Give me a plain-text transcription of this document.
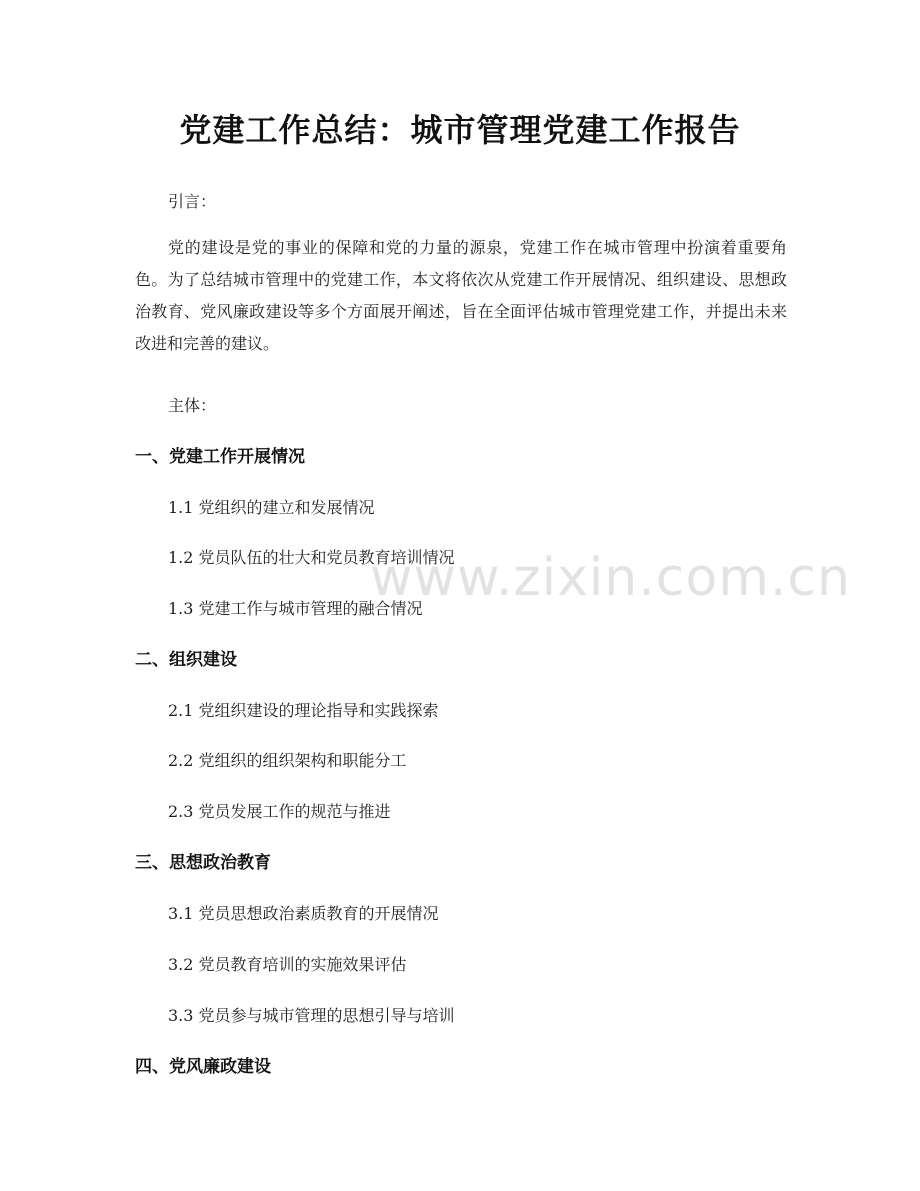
党建工作总结：城市管理党建工作报告

引言：

党的建设是党的事业的保障和党的力量的源泉，党建工作在城市管理中扮演着重要角色。为了总结城市管理中的党建工作，本文将依次从党建工作开展情况、组织建设、思想政治教育、党风廉政建设等多个方面展开阐述，旨在全面评估城市管理党建工作，并提出未来改进和完善的建议。

主体：

一、党建工作开展情况

1.1 党组织的建立和发展情况

1.2 党员队伍的壮大和党员教育培训情况

1.3 党建工作与城市管理的融合情况

二、组织建设

2.1 党组织建设的理论指导和实践探索

2.2 党组织的组织架构和职能分工

2.3 党员发展工作的规范与推进

三、思想政治教育

3.1 党员思想政治素质教育的开展情况

3.2 党员教育培训的实施效果评估

3.3 党员参与城市管理的思想引导与培训

四、党风廉政建设
www.zixin.com.cn
